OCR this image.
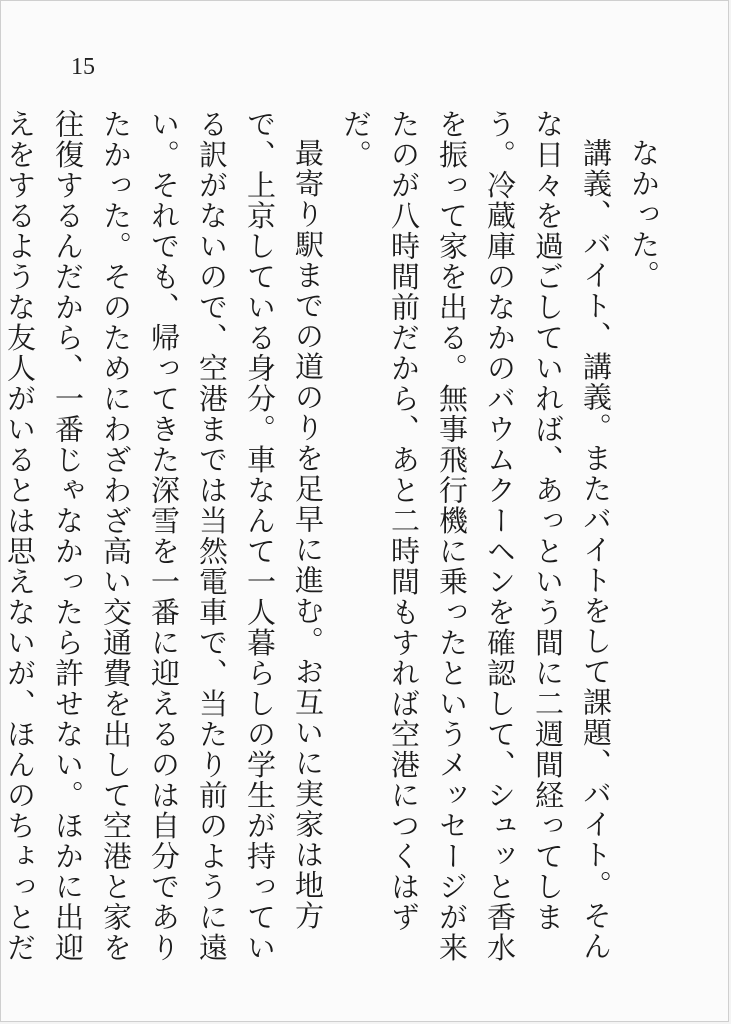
15

なかった。

講義、バイト、講義。またバイトをして課題、バイト。そんな日々を過ごしていれば、あっという間に二週間経ってしまう。冷蔵庫のなかのバウムクーヘンを確認して、シュッと香水を振って家を出る。無事飛行機に乗ったというメッセージが来たのが八時間前だから、あと二時間もすれば空港につくはずだ。

最寄り駅までの道のりを足早に進む。お互いに実家は地方で、上京している身分。車なんて一人暮らしの学生が持っている訳がないので、空港までは当然電車で、当たり前のように遠い。それでも、帰ってきた深雪を一番に迎えるのは自分でありたかった。そのためにわざわざ高い交通費を出して空港と家を往復するんだから、一番じゃなかったら許せない。ほかに出迎えをするような友人がいるとは思えないが、ほんのちょっとだ
